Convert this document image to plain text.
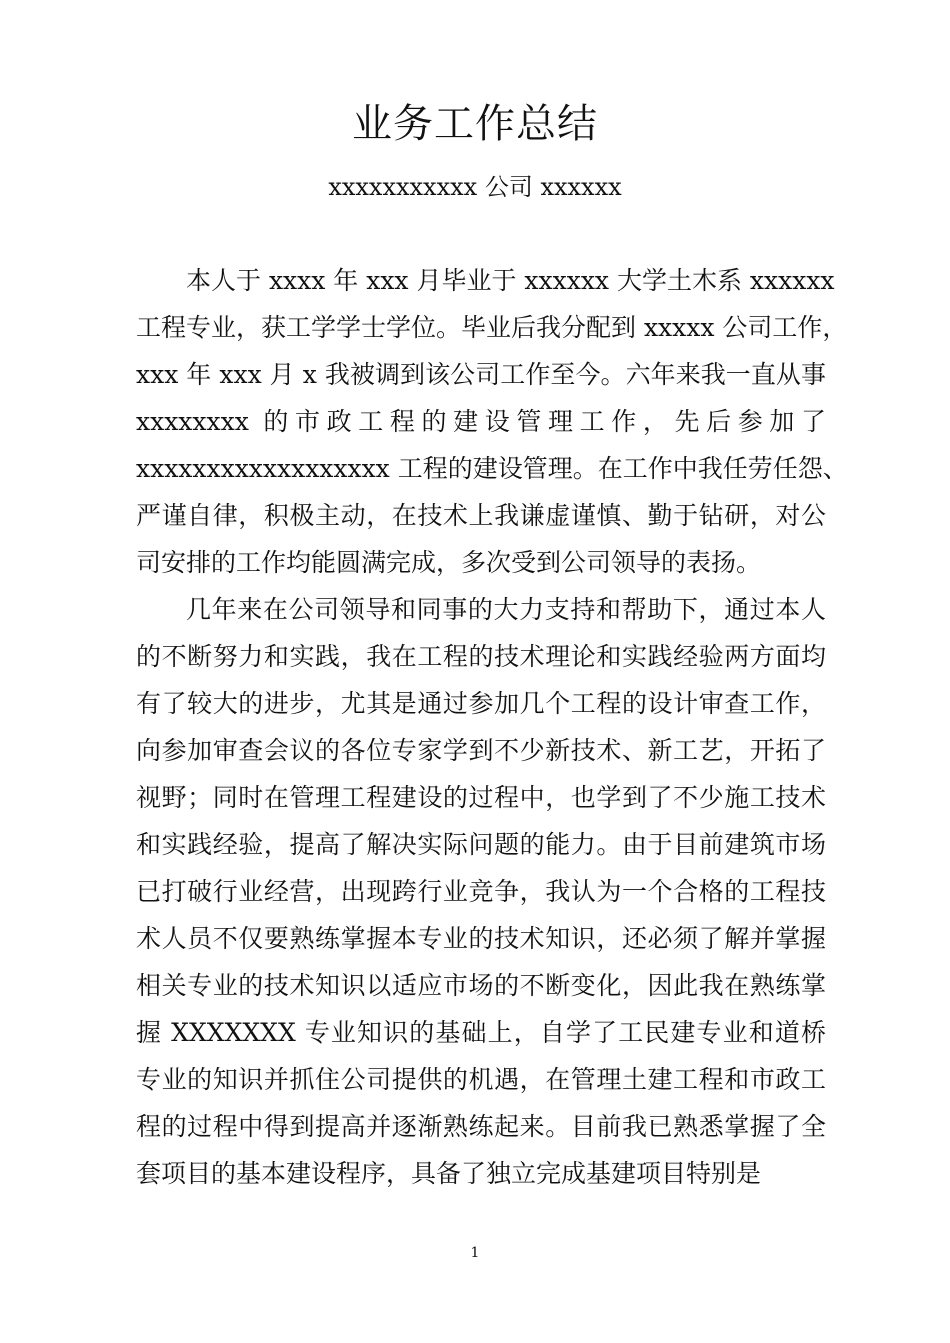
业务工作总结
xxxxxxxxxxx 公司 xxxxxx
本人于 xxxx 年 xxx 月毕业于 xxxxxx 大学土木系 xxxxxx
工程专业，获工学学士学位。毕业后我分配到 xxxxx 公司工作，
xxx 年 xxx 月 x 我被调到该公司工作至今。六年来我一直从事
xxxxxxxx 的市政工程的建设管理工作，先后参加了
xxxxxxxxxxxxxxxxxx 工程的建设管理。在工作中我任劳任怨、
严谨自律，积极主动，在技术上我谦虚谨慎、勤于钻研，对公
司安排的工作均能圆满完成，多次受到公司领导的表扬。
几年来在公司领导和同事的大力支持和帮助下，通过本人
的不断努力和实践，我在工程的技术理论和实践经验两方面均
有了较大的进步，尤其是通过参加几个工程的设计审查工作，
向参加审查会议的各位专家学到不少新技术、新工艺，开拓了
视野；同时在管理工程建设的过程中，也学到了不少施工技术
和实践经验，提高了解决实际问题的能力。由于目前建筑市场
已打破行业经营，出现跨行业竞争，我认为一个合格的工程技
术人员不仅要熟练掌握本专业的技术知识，还必须了解并掌握
相关专业的技术知识以适应市场的不断变化，因此我在熟练掌
握 XXXXXXX 专业知识的基础上，自学了工民建专业和道桥
专业的知识并抓住公司提供的机遇，在管理土建工程和市政工
程的过程中得到提高并逐渐熟练起来。目前我已熟悉掌握了全
套项目的基本建设程序，具备了独立完成基建项目特别是
1
